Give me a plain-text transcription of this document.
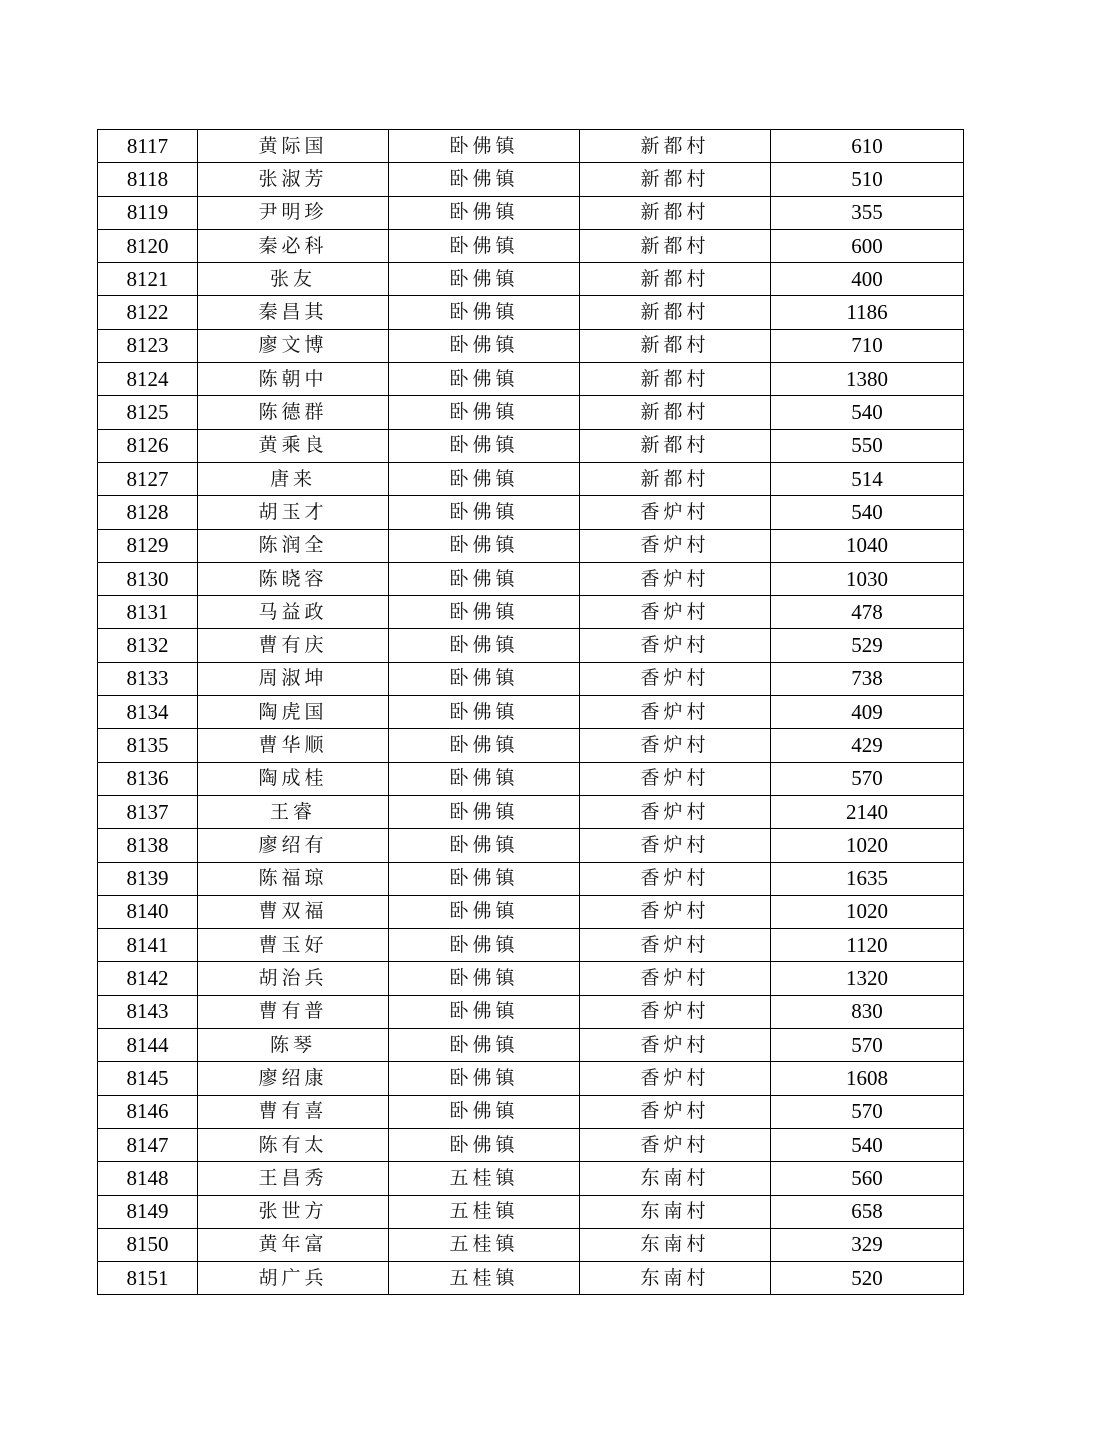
8117	黄际国	卧佛镇	新都村	610
8118	张淑芳	卧佛镇	新都村	510
8119	尹明珍	卧佛镇	新都村	355
8120	秦必科	卧佛镇	新都村	600
8121	张友	卧佛镇	新都村	400
8122	秦昌其	卧佛镇	新都村	1186
8123	廖文博	卧佛镇	新都村	710
8124	陈朝中	卧佛镇	新都村	1380
8125	陈德群	卧佛镇	新都村	540
8126	黄乘良	卧佛镇	新都村	550
8127	唐来	卧佛镇	新都村	514
8128	胡玉才	卧佛镇	香炉村	540
8129	陈润全	卧佛镇	香炉村	1040
8130	陈晓容	卧佛镇	香炉村	1030
8131	马益政	卧佛镇	香炉村	478
8132	曹有庆	卧佛镇	香炉村	529
8133	周淑坤	卧佛镇	香炉村	738
8134	陶虎国	卧佛镇	香炉村	409
8135	曹华顺	卧佛镇	香炉村	429
8136	陶成桂	卧佛镇	香炉村	570
8137	王睿	卧佛镇	香炉村	2140
8138	廖绍有	卧佛镇	香炉村	1020
8139	陈福琼	卧佛镇	香炉村	1635
8140	曹双福	卧佛镇	香炉村	1020
8141	曹玉好	卧佛镇	香炉村	1120
8142	胡治兵	卧佛镇	香炉村	1320
8143	曹有普	卧佛镇	香炉村	830
8144	陈琴	卧佛镇	香炉村	570
8145	廖绍康	卧佛镇	香炉村	1608
8146	曹有喜	卧佛镇	香炉村	570
8147	陈有太	卧佛镇	香炉村	540
8148	王昌秀	五桂镇	东南村	560
8149	张世方	五桂镇	东南村	658
8150	黄年富	五桂镇	东南村	329
8151	胡广兵	五桂镇	东南村	520
